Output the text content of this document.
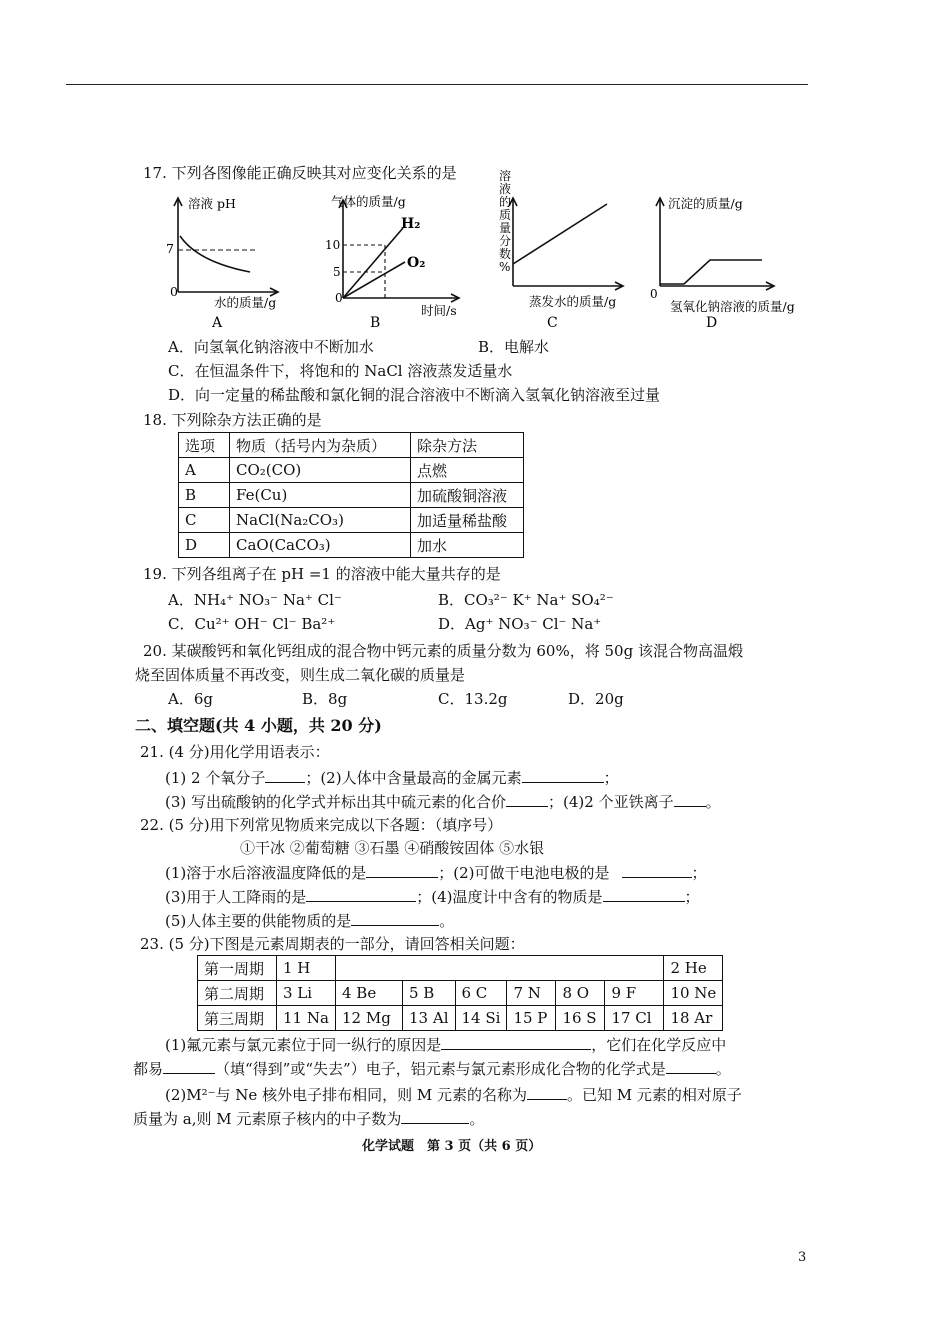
17. 下列各图像能正确反映其对应变化关系的是
溶液 pH
7
0
水的质量/g
A
气体的质量/g
10
5
0
H₂
O₂
时间/s
B
溶
液
的
质
量
分
数
%
蒸发水的质量/g
C
沉淀的质量/g
0
氢氧化钠溶液的质量/g
D
A．向氢氧化钠溶液中不断加水	B．电解水
C．在恒温条件下，将饱和的 NaCl 溶液蒸发适量水
D．向一定量的稀盐酸和氯化铜的混合溶液中不断滴入氢氧化钠溶液至过量
18. 下列除杂方法正确的是
选项	物质（括号内为杂质）	除杂方法
A	CO₂(CO)	点燃
B	Fe(Cu)	加硫酸铜溶液
C	NaCl(Na₂CO₃)	加适量稀盐酸
D	CaO(CaCO₃)	加水
19. 下列各组离子在 pH =1 的溶液中能大量共存的是
A．NH₄⁺ NO₃⁻ Na⁺ Cl⁻	B．CO₃²⁻ K⁺ Na⁺ SO₄²⁻
C．Cu²⁺ OH⁻ Cl⁻ Ba²⁺	D．Ag⁺ NO₃⁻ Cl⁻ Na⁺
20. 某碳酸钙和氧化钙组成的混合物中钙元素的质量分数为 60%，将 50g 该混合物高温煅
烧至固体质量不再改变，则生成二氧化碳的质量是
A．6g	B．8g	C．13.2g	D．20g
二、填空题(共 4 小题，共 20 分)
21. (4 分)用化学用语表示：
(1) 2 个氧分子	；(2)人体中含量最高的金属元素	；
(3) 写出硫酸钠的化学式并标出其中硫元素的化合价	；(4)2 个亚铁离子 。
22. (5 分)用下列常见物质来完成以下各题：（填序号）
①干冰 ②葡萄糖 ③石墨 ④硝酸铵固体 ⑤水银
(1)溶于水后溶液温度降低的是	；(2)可做干电池电极的是	；
(3)用于人工降雨的是	；(4)温度计中含有的物质是	；
(5)人体主要的供能物质的是	。
23. (5 分)下图是元素周期表的一部分，请回答相关问题：
第一周期	1 H							2 He
第二周期	3 Li	4 Be	5 B	6 C	7 N	8 O	9 F	10 Ne
第三周期	11 Na	12 Mg	13 Al	14 Si	15 P	16 S	17 Cl	18 Ar
(1)氟元素与氯元素位于同一纵行的原因是	，它们在化学反应中
都易	（填“得到”或“失去”）电子，铝元素与氯元素形成化合物的化学式是	。
(2)M²⁻与 Ne 核外电子排布相同，则 M 元素的名称为	。已知 M 元素的相对原子
质量为 a,则 M 元素原子核内的中子数为	。
化学试题　第 3 页（共 6 页）
3
